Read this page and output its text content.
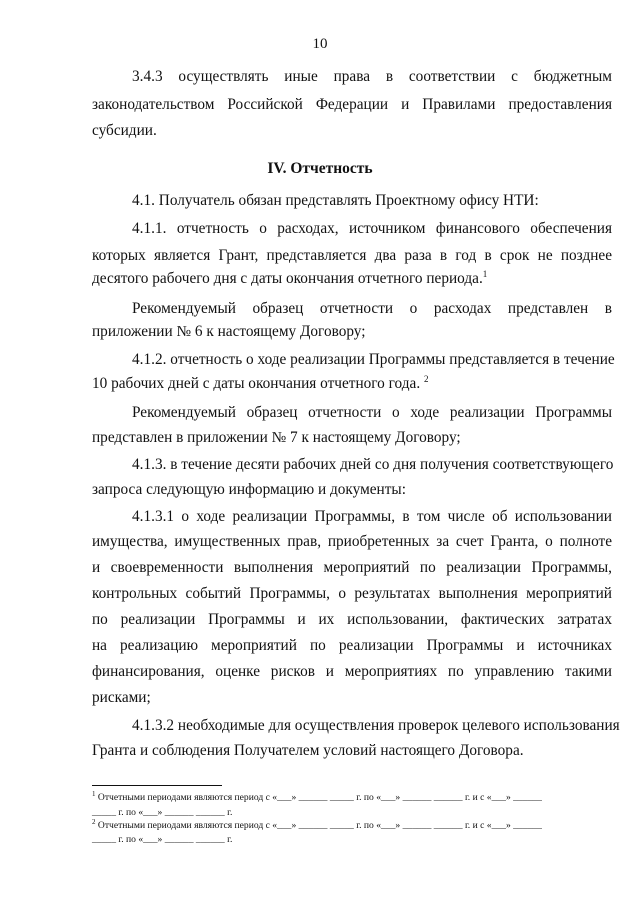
10
3.4.3 осуществлять иные права в соответствии с бюджетным
законодательством Российской Федерации и Правилами предоставления
субсидии.
IV. Отчетность
4.1. Получатель обязан представлять Проектному офису НТИ:
4.1.1. отчетность о расходах, источником финансового обеспечения
которых является Грант, представляется два раза в год в срок не позднее
десятого рабочего дня с даты окончания отчетного периода.$^1$
Рекомендуемый образец отчетности о расходах представлен в
приложении № 6 к настоящему Договору;
4.1.2. отчетность о ходе реализации Программы представляется в течение
10 рабочих дней с даты окончания отчетного года. $^2$
Рекомендуемый образец отчетности о ходе реализации Программы
представлен в приложении № 7 к настоящему Договору;
4.1.3. в течение десяти рабочих дней со дня получения соответствующего
запроса следующую информацию и документы:
4.1.3.1 о ходе реализации Программы, в том числе об использовании
имущества, имущественных прав, приобретенных за счет Гранта, о полноте
и своевременности выполнения мероприятий по реализации Программы,
контрольных событий Программы, о результатах выполнения мероприятий
по реализации Программы и их использовании, фактических затратах
на реализацию мероприятий по реализации Программы и источниках
финансирования, оценке рисков и мероприятиях по управлению такими
рисками;
4.1.3.2 необходимые для осуществления проверок целевого использования
Гранта и соблюдения Получателем условий настоящего Договора.
$^1$ Отчетными периодами являются период с «___» ______ _____ г. по «___» ______ ______ г. и с «___» ______
_____ г. по «___» ______ ______ г.
$^2$ Отчетными периодами являются период с «___» ______ _____ г. по «___» ______ ______ г. и с «___» ______
_____ г. по «___» ______ ______ г.
